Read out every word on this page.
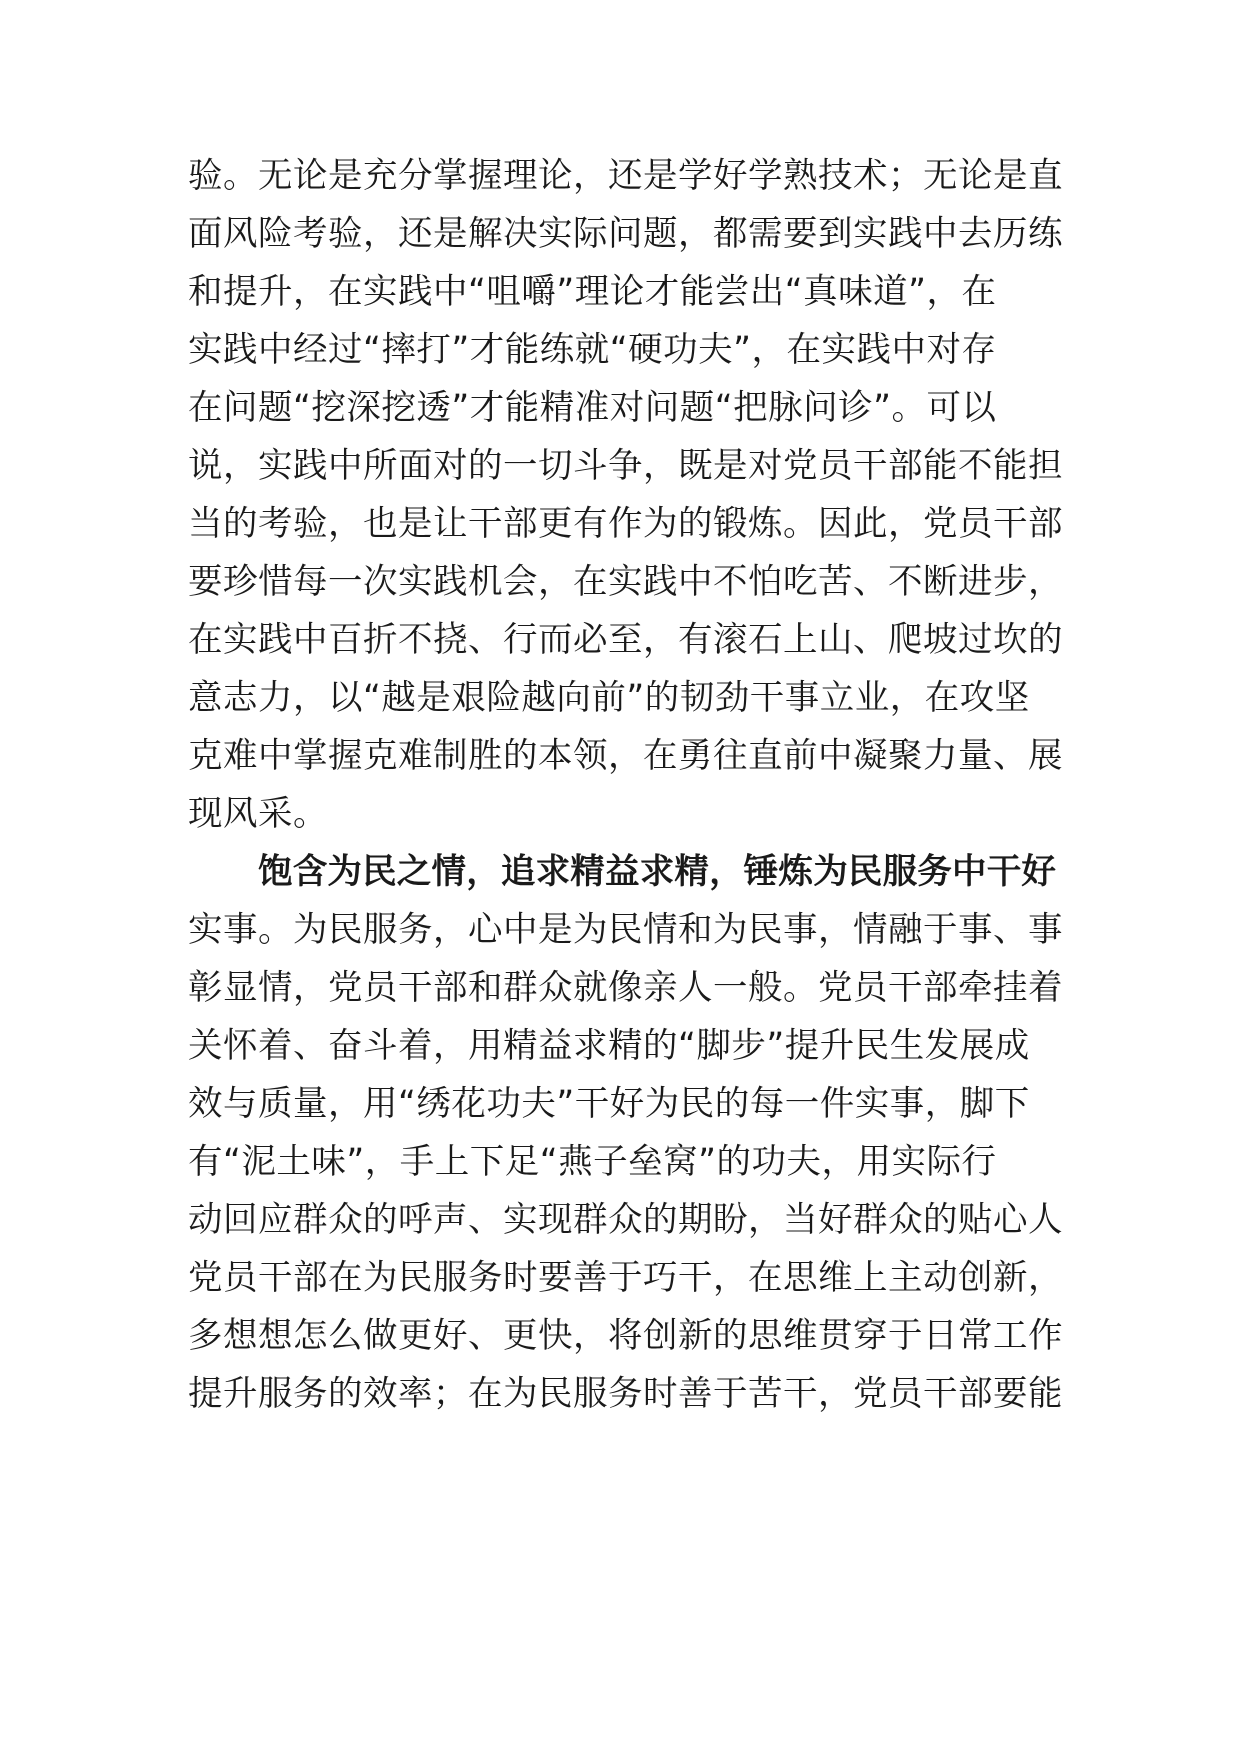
验。无论是充分掌握理论，还是学好学熟技术；无论是直
面风险考验，还是解决实际问题，都需要到实践中去历练
和提升，在实践中“咀嚼”理论才能尝出“真味道”，在
实践中经过“摔打”才能练就“硬功夫”，在实践中对存
在问题“挖深挖透”才能精准对问题“把脉问诊”。可以
说，实践中所面对的一切斗争，既是对党员干部能不能担
当的考验，也是让干部更有作为的锻炼。因此，党员干部
要珍惜每一次实践机会，在实践中不怕吃苦、不断进步，
在实践中百折不挠、行而必至，有滚石上山、爬坡过坎的
意志力，以“越是艰险越向前”的韧劲干事立业，在攻坚
克难中掌握克难制胜的本领，在勇往直前中凝聚力量、展
现风采。
饱含为民之情，追求精益求精，锤炼为民服务中干好
实事。为民服务，心中是为民情和为民事，情融于事、事
彰显情，党员干部和群众就像亲人一般。党员干部牵挂着
关怀着、奋斗着，用精益求精的“脚步”提升民生发展成
效与质量，用“绣花功夫”干好为民的每一件实事，脚下
有“泥土味”，手上下足“燕子垒窝”的功夫，用实际行
动回应群众的呼声、实现群众的期盼，当好群众的贴心人
党员干部在为民服务时要善于巧干，在思维上主动创新，
多想想怎么做更好、更快，将创新的思维贯穿于日常工作
提升服务的效率；在为民服务时善于苦干，党员干部要能
